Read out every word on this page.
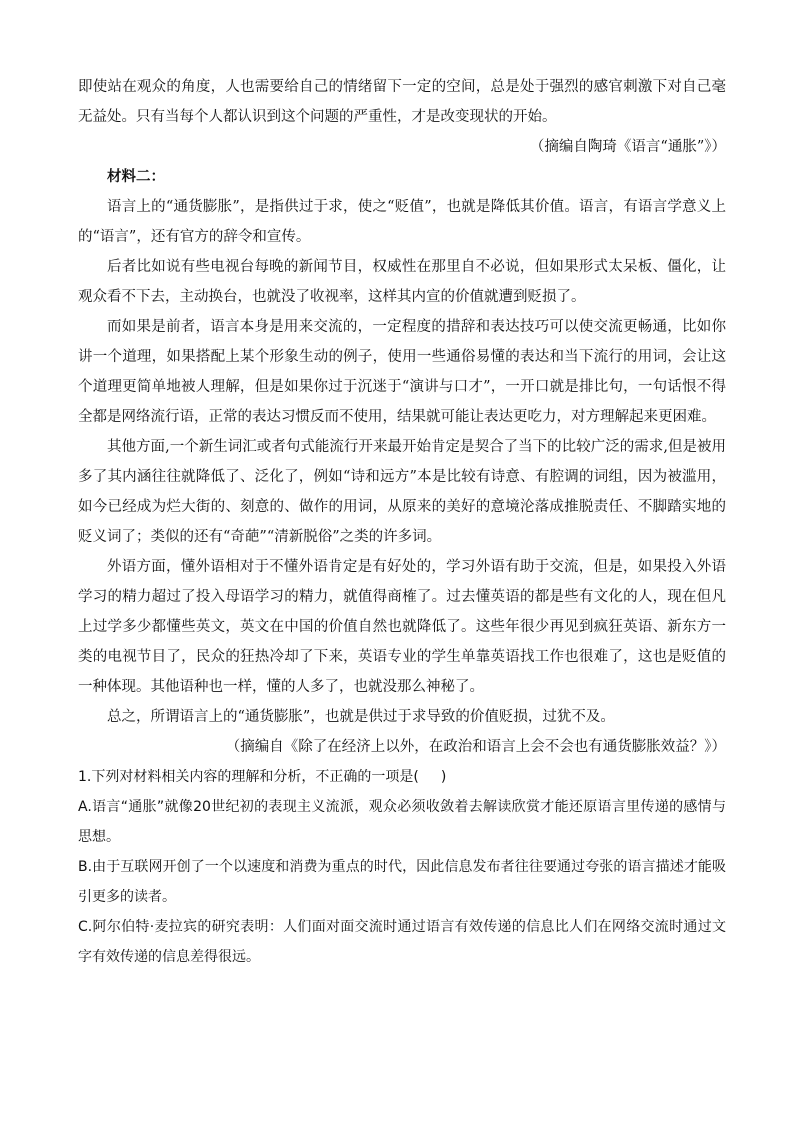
即使站在观众的角度，人也需要给自己的情绪留下一定的空间，总是处于强烈的感官刺激下对自己毫无益处。只有当每个人都认识到这个问题的严重性，才是改变现状的开始。

（摘编自陶琦《语言“通胀”》）

材料二：

语言上的“通货膨胀”，是指供过于求，使之“贬值”，也就是降低其价值。语言，有语言学意义上的“语言”，还有官方的辞令和宣传。

后者比如说有些电视台每晚的新闻节目，权威性在那里自不必说，但如果形式太呆板、僵化，让观众看不下去，主动换台，也就没了收视率，这样其内宣的价值就遭到贬损了。

而如果是前者，语言本身是用来交流的，一定程度的措辞和表达技巧可以使交流更畅通，比如你讲一个道理，如果搭配上某个形象生动的例子，使用一些通俗易懂的表达和当下流行的用词，会让这个道理更简单地被人理解，但是如果你过于沉迷于“演讲与口才”，一开口就是排比句，一句话恨不得全都是网络流行语，正常的表达习惯反而不使用，结果就可能让表达更吃力，对方理解起来更困难。

其他方面,一个新生词汇或者句式能流行开来最开始肯定是契合了当下的比较广泛的需求,但是被用多了其内涵往往就降低了、泛化了，例如“诗和远方”本是比较有诗意、有腔调的词组，因为被滥用，如今已经成为烂大街的、刻意的、做作的用词，从原来的美好的意境沦落成推脱责任、不脚踏实地的贬义词了；类似的还有“奇葩”“清新脱俗”之类的许多词。

外语方面，懂外语相对于不懂外语肯定是有好处的，学习外语有助于交流，但是，如果投入外语学习的精力超过了投入母语学习的精力，就值得商榷了。过去懂英语的都是些有文化的人，现在但凡上过学多少都懂些英文，英文在中国的价值自然也就降低了。这些年很少再见到疯狂英语、新东方一类的电视节目了，民众的狂热冷却了下来，英语专业的学生单靠英语找工作也很难了，这也是贬值的一种体现。其他语种也一样，懂的人多了，也就没那么神秘了。

总之，所谓语言上的“通货膨胀”，也就是供过于求导致的价值贬损，过犹不及。

（摘编自《除了在经济上以外，在政治和语言上会不会也有通货膨胀效益？》）

1.下列对材料相关内容的理解和分析，不正确的一项是( )

A.语言“通胀”就像20世纪初的表现主义流派，观众必须收敛着去解读欣赏才能还原语言里传递的感情与思想。

B.由于互联网开创了一个以速度和消费为重点的时代，因此信息发布者往往要通过夸张的语言描述才能吸引更多的读者。

C.阿尔伯特·麦拉宾的研究表明：人们面对面交流时通过语言有效传递的信息比人们在网络交流时通过文字有效传递的信息差得很远。
